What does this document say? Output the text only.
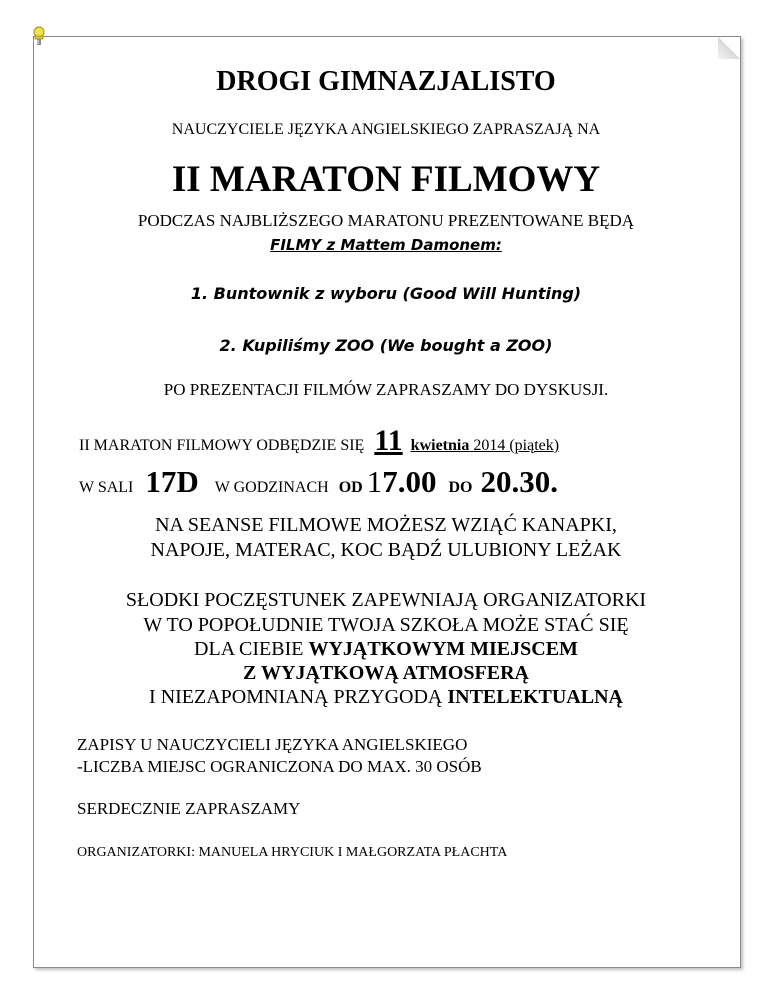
DROGI GIMNAZJALISTO
NAUCZYCIELE JĘZYKA ANGIELSKIEGO ZAPRASZAJĄ NA
II MARATON FILMOWY
PODCZAS NAJBLIŻSZEGO MARATONU PREZENTOWANE BĘDĄ
FILMY z Mattem Damonem:
1. Buntownik z wyboru (Good Will Hunting)
2. Kupiliśmy ZOO (We bought a ZOO)
PO PREZENTACJI FILMÓW ZAPRASZAMY DO DYSKUSJI.
II MARATON FILMOWY ODBĘDZIE SIĘ 11 kwietnia 2014 (piątek)
W SALI 17D W GODZINACH OD 17.00 DO 20.30.
NA SEANSE FILMOWE MOŻESZ WZIĄĆ KANAPKI,
NAPOJE, MATERAC, KOC BĄDŹ ULUBIONY LEŻAK
SŁODKI POCZĘSTUNEK ZAPEWNIAJĄ ORGANIZATORKI
W TO POPOŁUDNIE TWOJA SZKOŁA MOŻE STAĆ SIĘ
DLA CIEBIE WYJĄTKOWYM MIEJSCEM
Z WYJĄTKOWĄ ATMOSFERĄ
I NIEZAPOMNIANĄ PRZYGODĄ INTELEKTUALNĄ
ZAPISY U NAUCZYCIELI JĘZYKA ANGIELSKIEGO
-LICZBA MIEJSC OGRANICZONA DO MAX. 30 OSÓB
SERDECZNIE ZAPRASZAMY
ORGANIZATORKI: MANUELA HRYCIUK I MAŁGORZATA PŁACHTA
